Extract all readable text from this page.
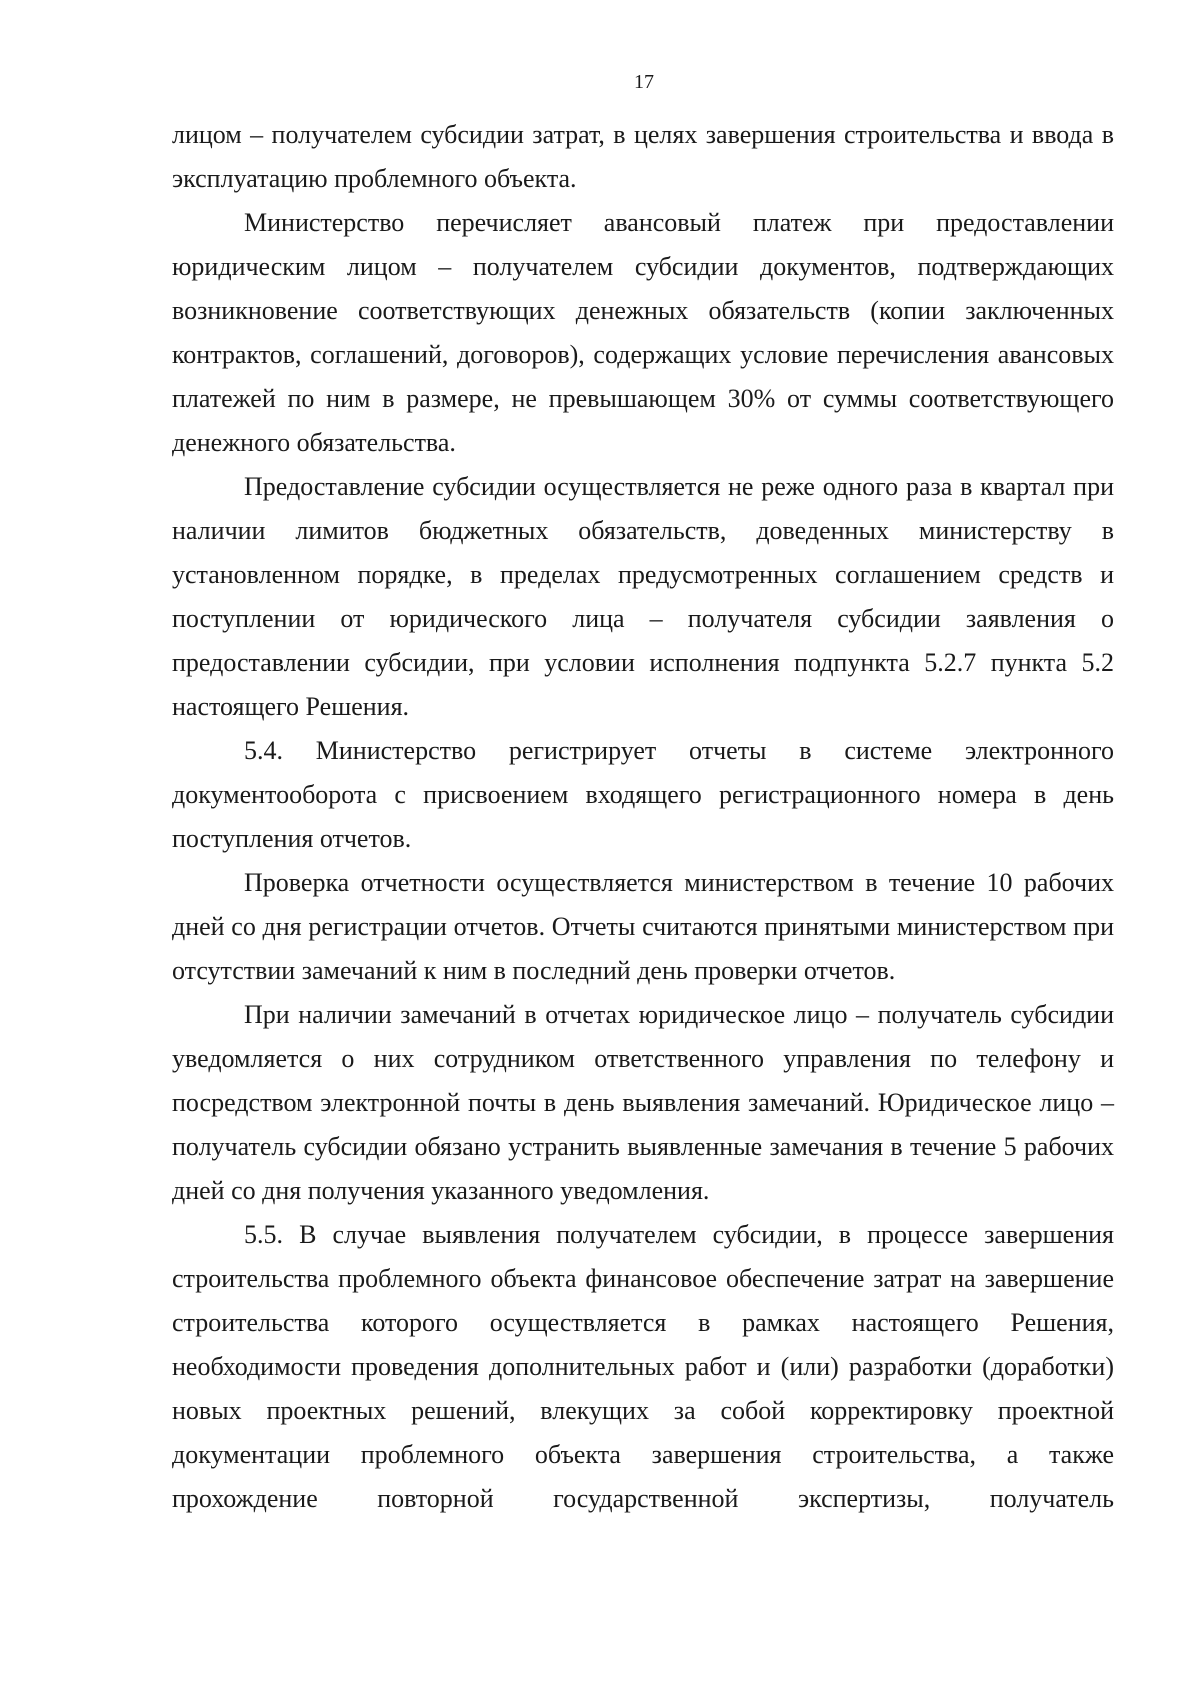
17

лицом – получателем субсидии затрат, в целях завершения строительства и ввода в эксплуатацию проблемного объекта.

Министерство перечисляет авансовый платеж при предоставлении юридическим лицом – получателем субсидии документов, подтверждающих возникновение соответствующих денежных обязательств (копии заключенных контрактов, соглашений, договоров), содержащих условие перечисления авансовых платежей по ним в размере, не превышающем 30% от суммы соответствующего денежного обязательства.

Предоставление субсидии осуществляется не реже одного раза в квартал при наличии лимитов бюджетных обязательств, доведенных министерству в установленном порядке, в пределах предусмотренных соглашением средств и поступлении от юридического лица – получателя субсидии заявления о предоставлении субсидии, при условии исполнения подпункта 5.2.7 пункта 5.2 настоящего Решения.

5.4. Министерство регистрирует отчеты в системе электронного документооборота с присвоением входящего регистрационного номера в день поступления отчетов.

Проверка отчетности осуществляется министерством в течение 10 рабочих дней со дня регистрации отчетов. Отчеты считаются принятыми министерством при отсутствии замечаний к ним в последний день проверки отчетов.

При наличии замечаний в отчетах юридическое лицо – получатель субсидии уведомляется о них сотрудником ответственного управления по телефону и посредством электронной почты в день выявления замечаний. Юридическое лицо – получатель субсидии обязано устранить выявленные замечания в течение 5 рабочих дней со дня получения указанного уведомления.

5.5. В случае выявления получателем субсидии, в процессе завершения строительства проблемного объекта финансовое обеспечение затрат на завершение строительства которого осуществляется в рамках настоящего Решения, необходимости проведения дополнительных работ и (или) разработки (доработки) новых проектных решений, влекущих за собой корректировку проектной документации проблемного объекта завершения строительства, а также прохождение повторной государственной экспертизы, получатель
